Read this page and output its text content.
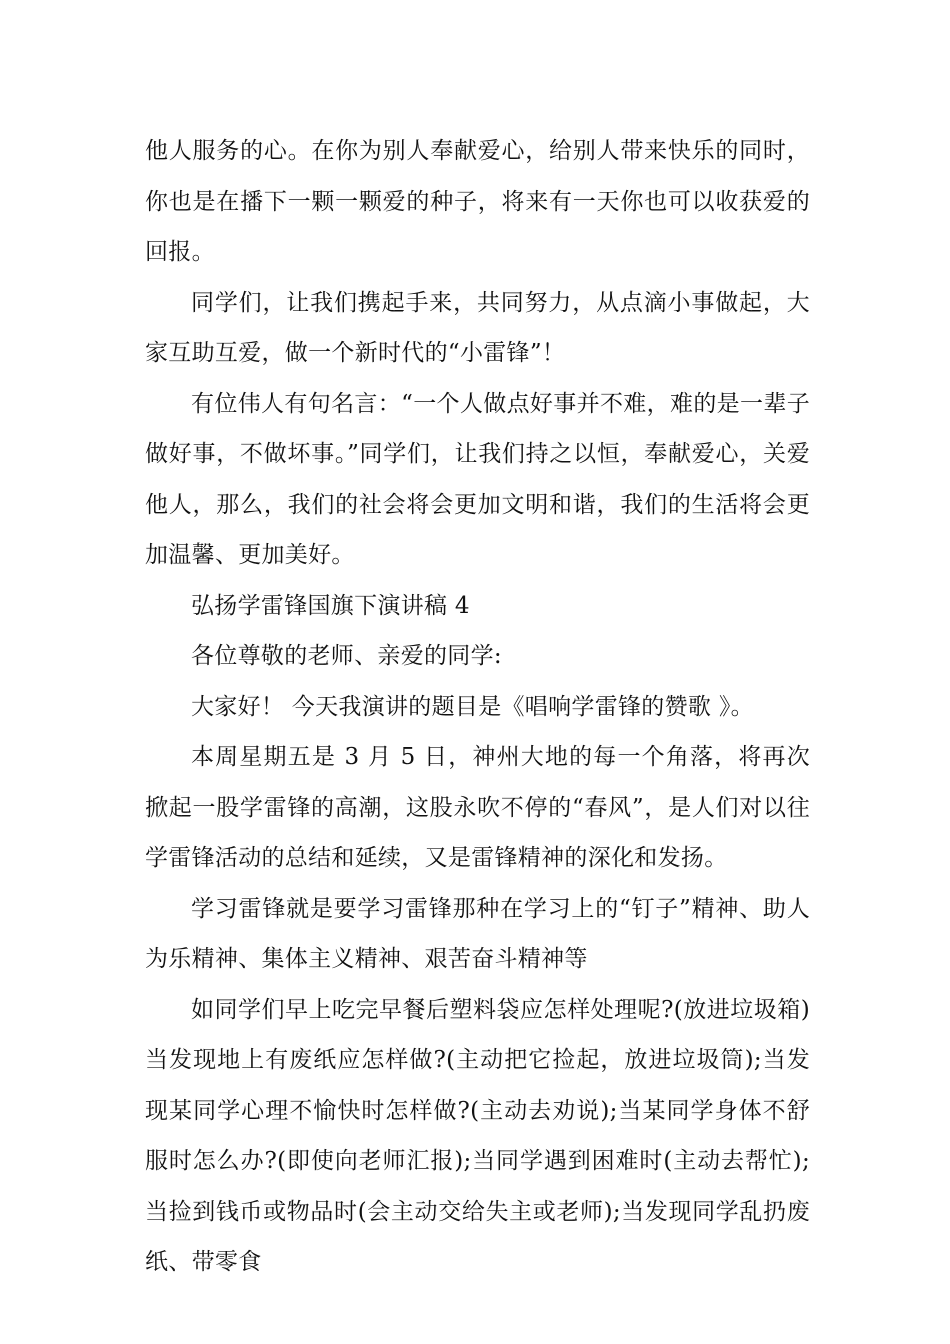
他人服务的心。在你为别人奉献爱心，给别人带来快乐的同时，你也是在播下一颗一颗爱的种子，将来有一天你也可以收获爱的回报。

同学们，让我们携起手来，共同努力，从点滴小事做起，大家互助互爱，做一个新时代的“小雷锋”！

有位伟人有句名言：“一个人做点好事并不难，难的是一辈子做好事，不做坏事。”同学们，让我们持之以恒，奉献爱心，关爱他人，那么，我们的社会将会更加文明和谐，我们的生活将会更加温馨、更加美好。

弘扬学雷锋国旗下演讲稿 4

各位尊敬的老师、亲爱的同学:

大家好！ 今天我演讲的题目是《唱响学雷锋的赞歌 》。

本周星期五是 3 月 5 日，神州大地的每一个角落，将再次掀起一股学雷锋的高潮，这股永吹不停的“春风”，是人们对以往学雷锋活动的总结和延续，又是雷锋精神的深化和发扬。

学习雷锋就是要学习雷锋那种在学习上的“钉子”精神、助人为乐精神、集体主义精神、艰苦奋斗精神等

如同学们早上吃完早餐后塑料袋应怎样处理呢?(放进垃圾箱)当发现地上有废纸应怎样做?(主动把它捡起，放进垃圾筒);当发现某同学心理不愉快时怎样做?(主动去劝说);当某同学身体不舒服时怎么办?(即使向老师汇报);当同学遇到困难时(主动去帮忙);当捡到钱币或物品时(会主动交给失主或老师);当发现同学乱扔废纸、带零食
